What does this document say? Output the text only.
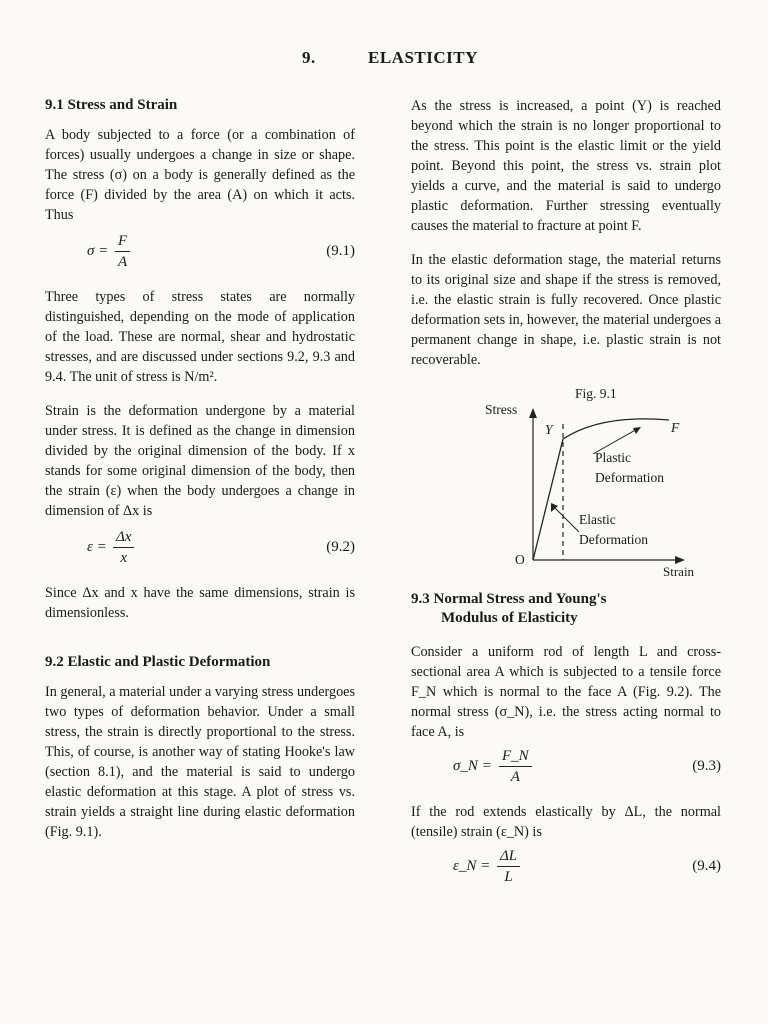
9.	ELASTICITY
9.1 Stress and Strain

A body subjected to a force (or a combination of forces) usually undergoes a change in size or shape. The stress (σ) on a body is generally defined as the force (F) divided by the area (A) on which it acts. Thus

$\sigma = \frac{F}{A}$	(9.1)

Three types of stress states are normally distinguished, depending on the mode of application of the load. These are normal, shear and hydrostatic stresses, and are discussed under sections 9.2, 9.3 and 9.4. The unit of stress is N/m².

Strain is the deformation undergone by a material under stress. It is defined as the change in dimension divided by the original dimension of the body. If x stands for some original dimension of the body, then the strain (ε) when the body undergoes a change in dimension of Δx is

$\varepsilon = \frac{\Delta x}{x}$	(9.2)

Since Δx and x have the same dimensions, strain is dimensionless.

9.2 Elastic and Plastic Deformation

In general, a material under a varying stress undergoes two types of deformation behavior. Under a small stress, the strain is directly proportional to the stress. This, of course, is another way of stating Hooke's law (section 8.1), and the material is said to undergo elastic deformation at this stage. A plot of stress vs. strain yields a straight line during elastic deformation (Fig. 9.1).

As the stress is increased, a point (Y) is reached beyond which the strain is no longer proportional to the stress. This point is the elastic limit or the yield point. Beyond this point, the stress vs. strain plot yields a curve, and the material is said to undergo plastic deformation. Further stressing eventually causes the material to fracture at point F.

In the elastic deformation stage, the material returns to its original size and shape if the stress is removed, i.e. the elastic strain is fully recovered. Once plastic deformation sets in, however, the material undergoes a permanent change in shape, i.e. plastic strain is not recoverable.

Fig. 9.1
Stress
Strain
O
Y	F
Plastic
Deformation
Elastic
Deformation
9.3 Normal Stress and Young's
Modulus of Elasticity

Consider a uniform rod of length L and cross-sectional area A which is subjected to a tensile force F_N which is normal to the face A (Fig. 9.2). The normal stress (σ_N), i.e. the stress acting normal to face A, is

σ_N = $\frac{F\_N}{A}$	(9.3)

If the rod extends elastically by ΔL, the normal (tensile) strain (ε_N) is

ε_N = $\frac{\Delta L}{L}$	(9.4)
